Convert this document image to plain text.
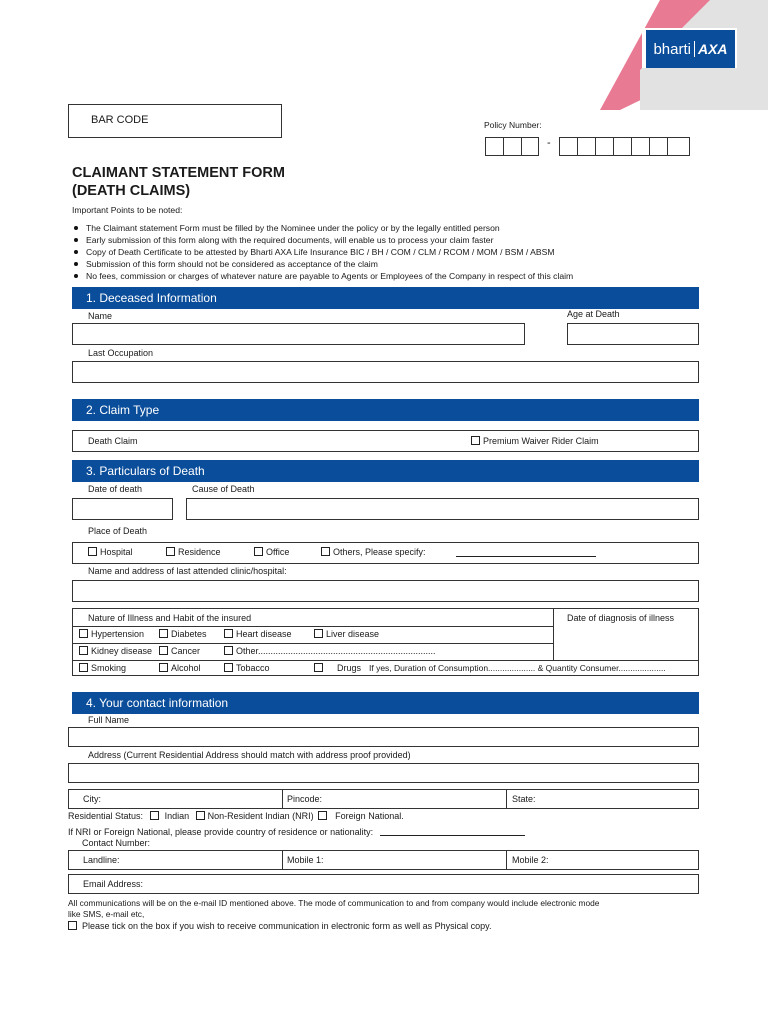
bharti AXA
BAR CODE	Policy Number:
-
CLAIMANT STATEMENT FORM
(DEATH CLAIMS)
Important Points to be noted:
The Claimant statement Form must be filled by the Nominee under the policy or by the legally entitled person
Early submission of this form along with the required documents, will enable us to process your claim faster
Copy of Death Certificate to be attested by Bharti AXA Life Insurance BIC / BH / COM / CLM / RCOM / MOM / BSM / ABSM
Submission of this form should not be considered as acceptance of the claim
No fees, commission or charges of whatever nature are payable to Agents or Employees of the Company in respect of this claim
1. Deceased Information
Name	Age at Death
Last Occupation
2. Claim Type
Death Claim	Premium Waiver Rider Claim
3. Particulars of Death
Date of death	Cause of Death
Place of Death
Hospital	Residence	Office	Others, Please specify:
Name and address of last attended clinic/hospital:
Nature of Illness and Habit of the insured	Date of diagnosis of illness
Hypertension	Diabetes	Heart disease	Liver disease
Kidney disease	Cancer	Other.......................................................................
Smoking	Alcohol	Tobacco	Drugs If yes, Duration of Consumption.................... & Quantity Consumer....................
4. Your contact information
Full Name
Address (Current Residential Address should match with address proof provided)
City:	Pincode:	State:
Residential Status: Indian Non-Resident Indian (NRI) Foreign National.
If NRI or Foreign National, please provide country of residence or nationality:
Contact Number:
Landline:	Mobile 1:	Mobile 2:
Email Address:
All communications will be on the e-mail ID mentioned above. The mode of communication to and from company would include electronic mode
like SMS, e-mail etc,
Please tick on the box if you wish to receive communication in electronic form as well as Physical copy.
